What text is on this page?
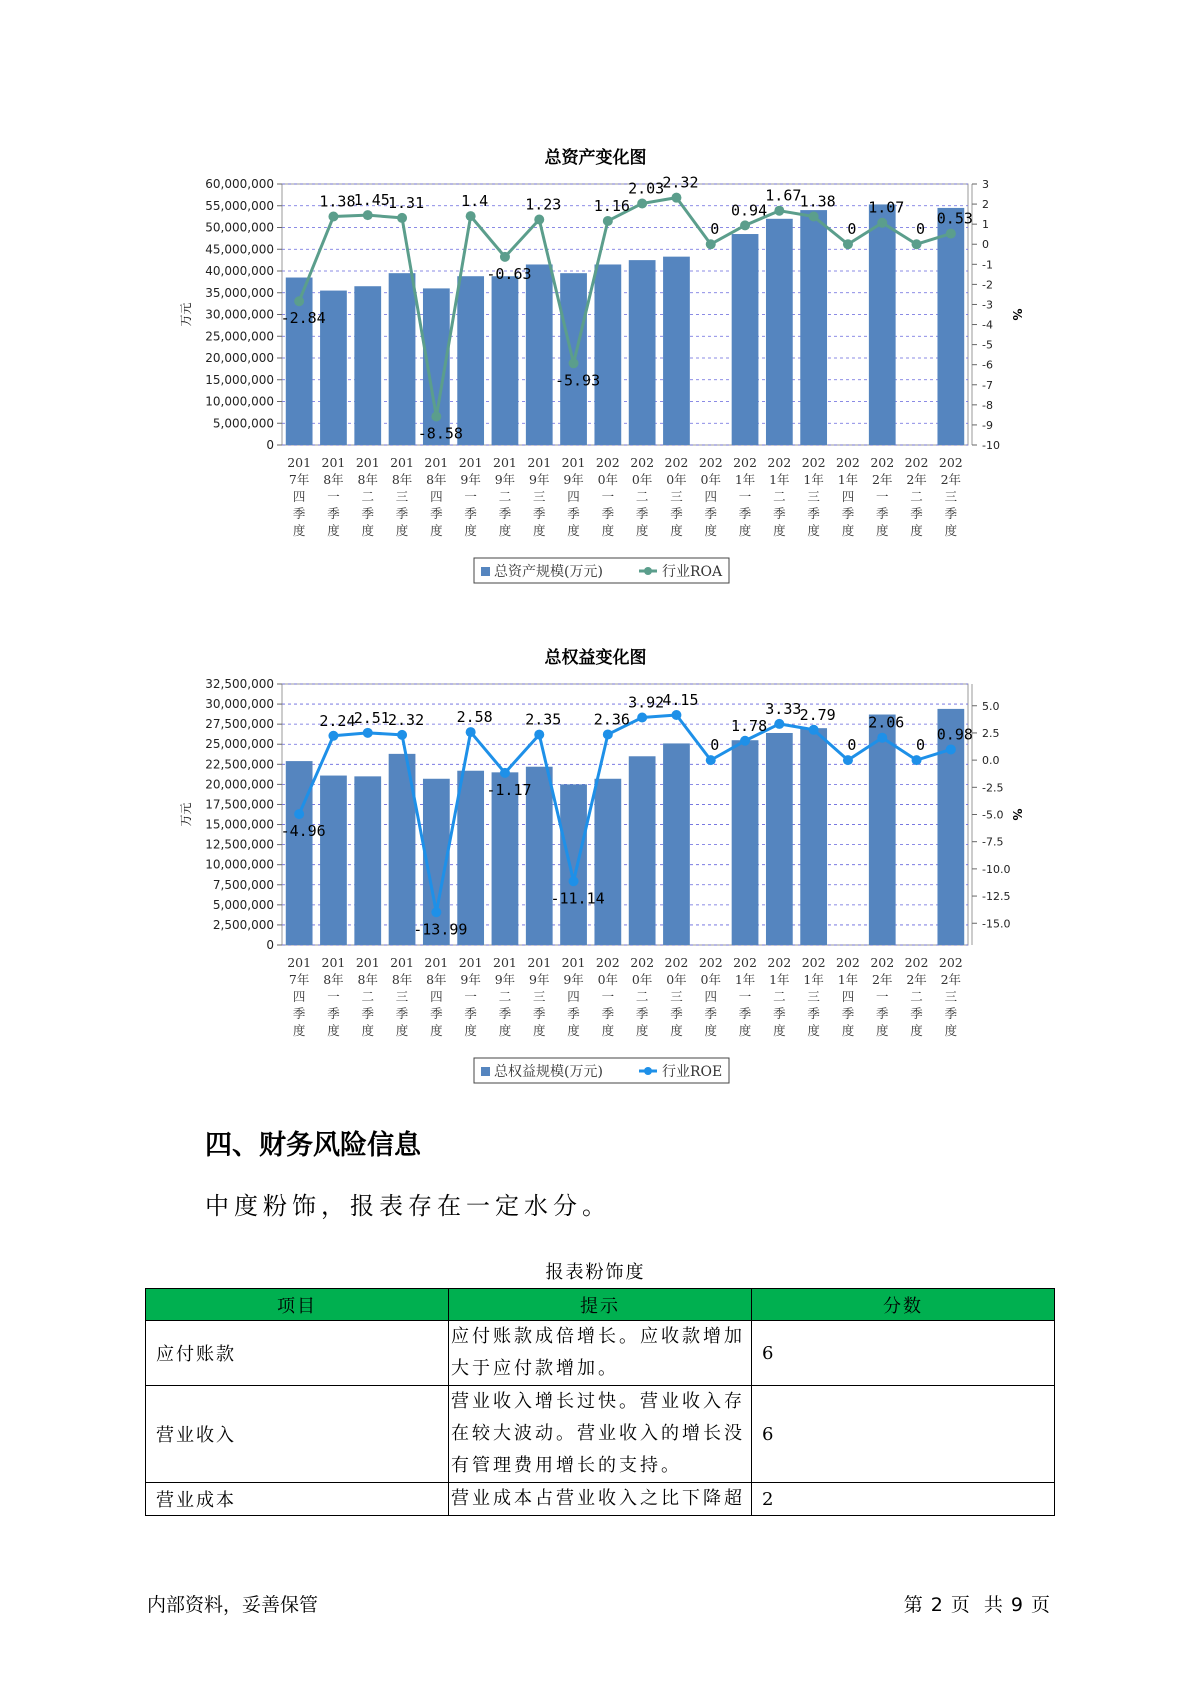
总资产变化图
0
5,000,000
10,000,000
15,000,000
20,000,000
25,000,000
30,000,000
35,000,000
40,000,000
45,000,000
50,000,000
55,000,000
60,000,000	3
2
1
0
-1
-2
-3
-4
-5
-6
-7
-8
-9
-10
万元	%
-2.84
1.38
1.45
1.31
-8.58
1.4
-0.63
1.23
-5.93
1.16
2.03
2.32
0
0.94
1.67
1.38
0
1.07
0
0.53
201
7年
四
季
度
201
8年
一
季
度
201
8年
二
季
度
201
8年
三
季
度
201
8年
四
季
度
201
9年
一
季
度
201
9年
二
季
度
201
9年
三
季
度
201
9年
四
季
度
202
0年
一
季
度
202
0年
二
季
度
202
0年
三
季
度
202
0年
四
季
度
202
1年
一
季
度
202
1年
二
季
度
202
1年
三
季
度
202
1年
四
季
度
202
2年
一
季
度
202
2年
二
季
度
202
2年
三
季
度
总资产规模(万元)	行业ROA
总权益变化图
0
2,500,000
5,000,000
7,500,000
10,000,000
12,500,000
15,000,000
17,500,000
20,000,000
22,500,000
25,000,000
27,500,000
30,000,000
32,500,000
5.0
2.5
0.0
-2.5
-5.0
-7.5
-10.0
-12.5
-15.0
万元	%
-4.96
2.24
2.51
2.32
-13.99
2.58
-1.17
2.35
-11.14
2.36
3.92
4.15
0
1.78
3.33
2.79
0
2.06
0
0.98
201
7年
四
季
度
201
8年
一
季
度
201
8年
二
季
度
201
8年
三
季
度
201
8年
四
季
度
201
9年
一
季
度
201
9年
二
季
度
201
9年
三
季
度
201
9年
四
季
度
202
0年
一
季
度
202
0年
二
季
度
202
0年
三
季
度
202
0年
四
季
度
202
1年
一
季
度
202
1年
二
季
度
202
1年
三
季
度
202
1年
四
季
度
202
2年
一
季
度
202
2年
二
季
度
202
2年
三
季
度
总权益规模(万元)	行业ROE
四、财务风险信息
中度粉饰，报表存在一定水分。
报表粉饰度
项目	提示	分数
应付账款	应付账款成倍增长。应收款增加大于应付款增加。	6
营业收入	营业收入增长过快。营业收入存在较大波动。营业收入的增长没有管理费用增长的支持。	6
营业成本	营业成本占营业收入之比下降超	2
内部资料，妥善保管	第 2 页 共 9 页
